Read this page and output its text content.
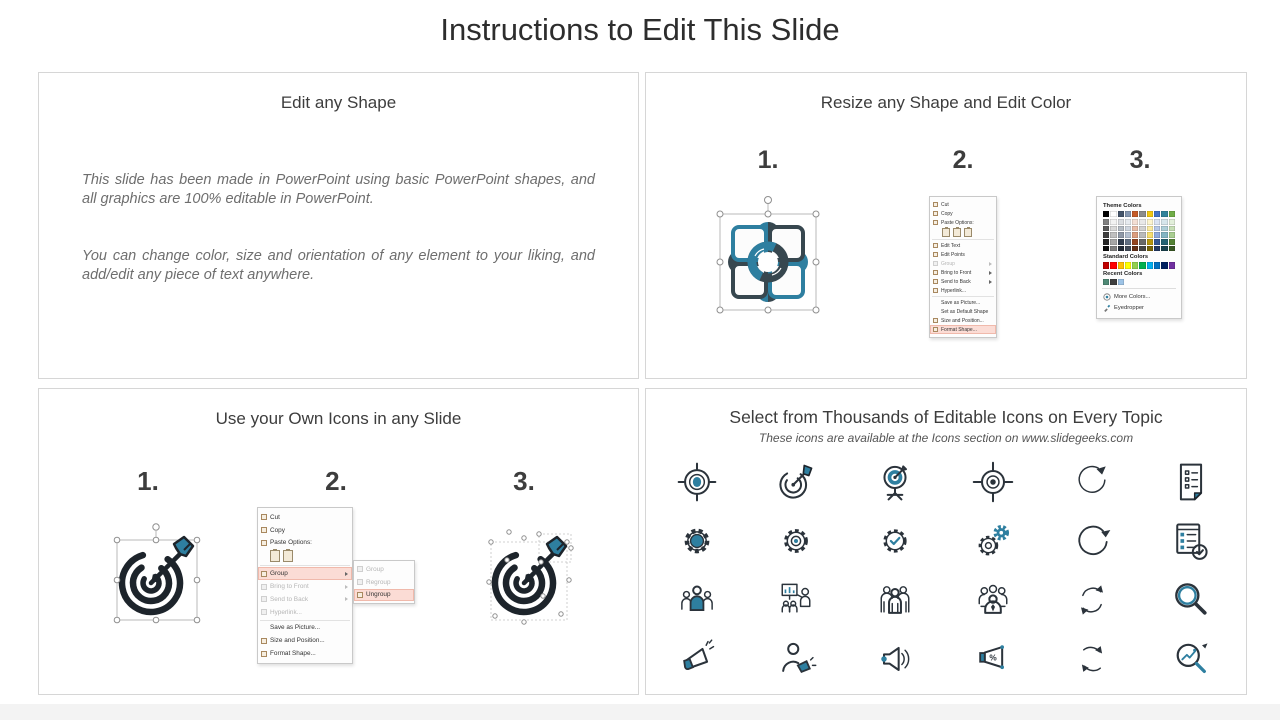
Instructions to Edit This Slide
Edit any Shape

This slide has been made in PowerPoint using basic PowerPoint shapes, and all graphics are 100% editable in PowerPoint.

You can change color, size and orientation of any element to your liking, and add/edit any piece of text anywhere.

Resize any Shape and Edit Color
1.	2.	3.
Cut
Copy
Paste Options:
Edit Text
Edit Points
Group
Bring to Front
Send to Back
Hyperlink...
Save as Picture...
Set as Default Shape
Size and Position...
Format Shape...
Theme Colors
Standard Colors
Recent Colors
More Colors...
Eyedropper
Use your Own Icons in any Slide
1.	2.	3.
Cut
Copy
Paste Options:
Group
Bring to Front
Send to Back
Hyperlink...
Save as Picture...
Size and Position...
Format Shape...
Group
Regroup
Ungroup
Select from Thousands of Editable Icons on Every Topic
These icons are available at the Icons section on www.slidegeeks.com
%
